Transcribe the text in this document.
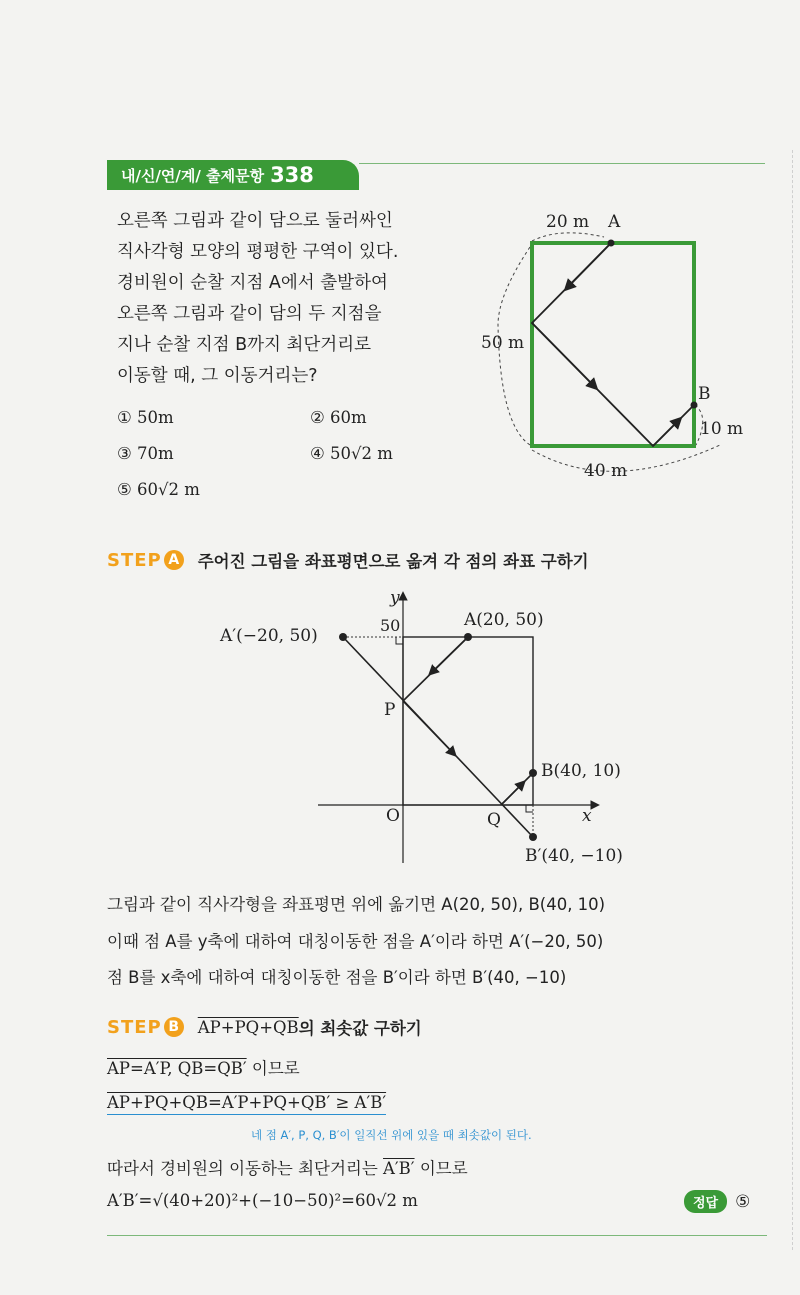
내/신/연/계/ 출제문항 338
오른쪽 그림과 같이 담으로 둘러싸인
직사각형 모양의 평평한 구역이 있다.
경비원이 순찰 지점 A에서 출발하여
오른쪽 그림과 같이 담의 두 지점을
지나 순찰 지점 B까지 최단거리로
이동할 때, 그 이동거리는?
① 50m	② 60m
③ 70m	④ 50√2 m
⑤ 60√2 m
20 m A
50 m
B
10 m
40 m
STEP A 주어진 그림을 좌표평면으로 옮겨 각 점의 좌표 구하기
y
50
A′(−20, 50)
A(20, 50)
P
B(40, 10)
O	Q	x
B′(40, −10)
그림과 같이 직사각형을 좌표평면 위에 옮기면 A(20, 50), B(40, 10)
이때 점 A를 y축에 대하여 대칭이동한 점을 A′이라 하면 A′(−20, 50)
점 B를 x축에 대하여 대칭이동한 점을 B′이라 하면 B′(40, −10)
STEP B AP+PQ+QB 의 최솟값 구하기
AP=A′P, QB=QB′ 이므로
AP+PQ+QB=A′P+PQ+QB′ ≥ A′B′
네 점 A′, P, Q, B′이 일직선 위에 있을 때 최솟값이 된다.
따라서 경비원의 이동하는 최단거리는 A′B′ 이므로
A′B′=√(40+20)²+(−10−50)²=60√2 m	정답	⑤
